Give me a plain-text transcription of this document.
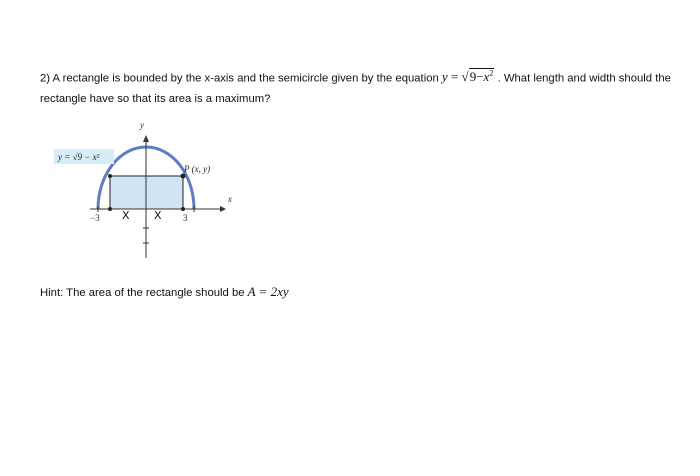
2) A rectangle is bounded by the x-axis and the semicircle given by the equation $y = √9-x^2$ . What length and width should the rectangle have so that its area is a maximum?
y = √9 − x²
y
x
P (x, y)
−3	3
X X
Hint: The area of the rectangle should be A = 2xy
